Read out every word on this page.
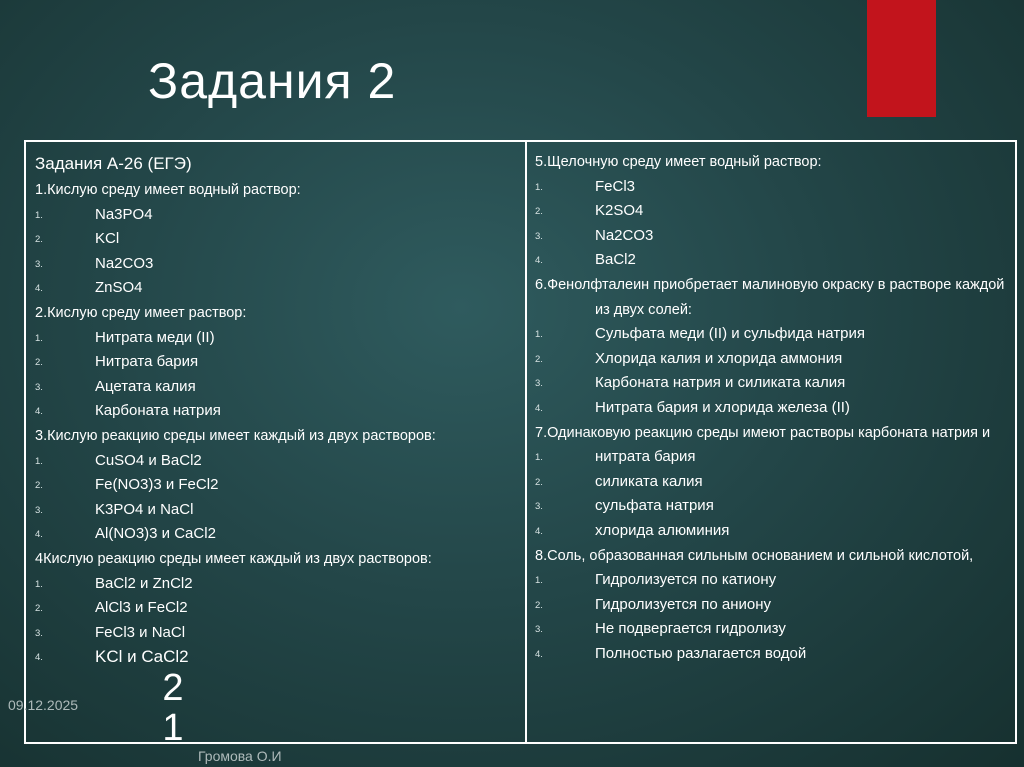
Задания 2
Задания А-26 (ЕГЭ)
1.Кислую среду имеет водный раствор:
1.	Na3PO4

2.	KCl

3.	Na2CO3

4.	ZnSO4

2.Кислую среду имеет раствор:
1.	Нитрата меди (II)

2.	Нитрата бария

3.	Ацетата калия

4.	Карбоната натрия

3.Кислую реакцию среды имеет каждый из двух растворов:
1.	CuSO4 и BaCl2

2.	Fe(NO3)3 и FeCl2

3.	K3PO4 и NaCl

4.	Al(NO3)3 и CaCl2

4Кислую реакцию среды имеет каждый из двух растворов:
1.	BaCl2 и ZnCl2

2.	AlCl3 и FeCl2

3.	FeCl3 и NaCl

4.	KCl и CaCl2

5.Щелочную среду имеет водный раствор:
1.	FeCl3

2.	K2SO4

3.	Na2CO3

4.	BaCl2

6.Фенолфталеин приобретает малиновую окраску в растворе каждой из двух солей:
1.	Сульфата меди (II) и сульфида натрия

2.	Хлорида калия и хлорида аммония

3.	Карбоната натрия и силиката калия

4.	Нитрата бария и хлорида железа (II)

7.Одинаковую реакцию среды имеют растворы карбоната натрия и
1.	нитрата бария

2.	силиката калия

3.	сульфата натрия

4.	хлорида алюминия

8.Соль, образованная сильным основанием и сильной кислотой,
1.	Гидролизуется по катиону

2.	Гидролизуется по аниону

3.	Не подвергается гидролизу

4.	Полностью разлагается водой

09.12.2025 2
1
Громова О.И
